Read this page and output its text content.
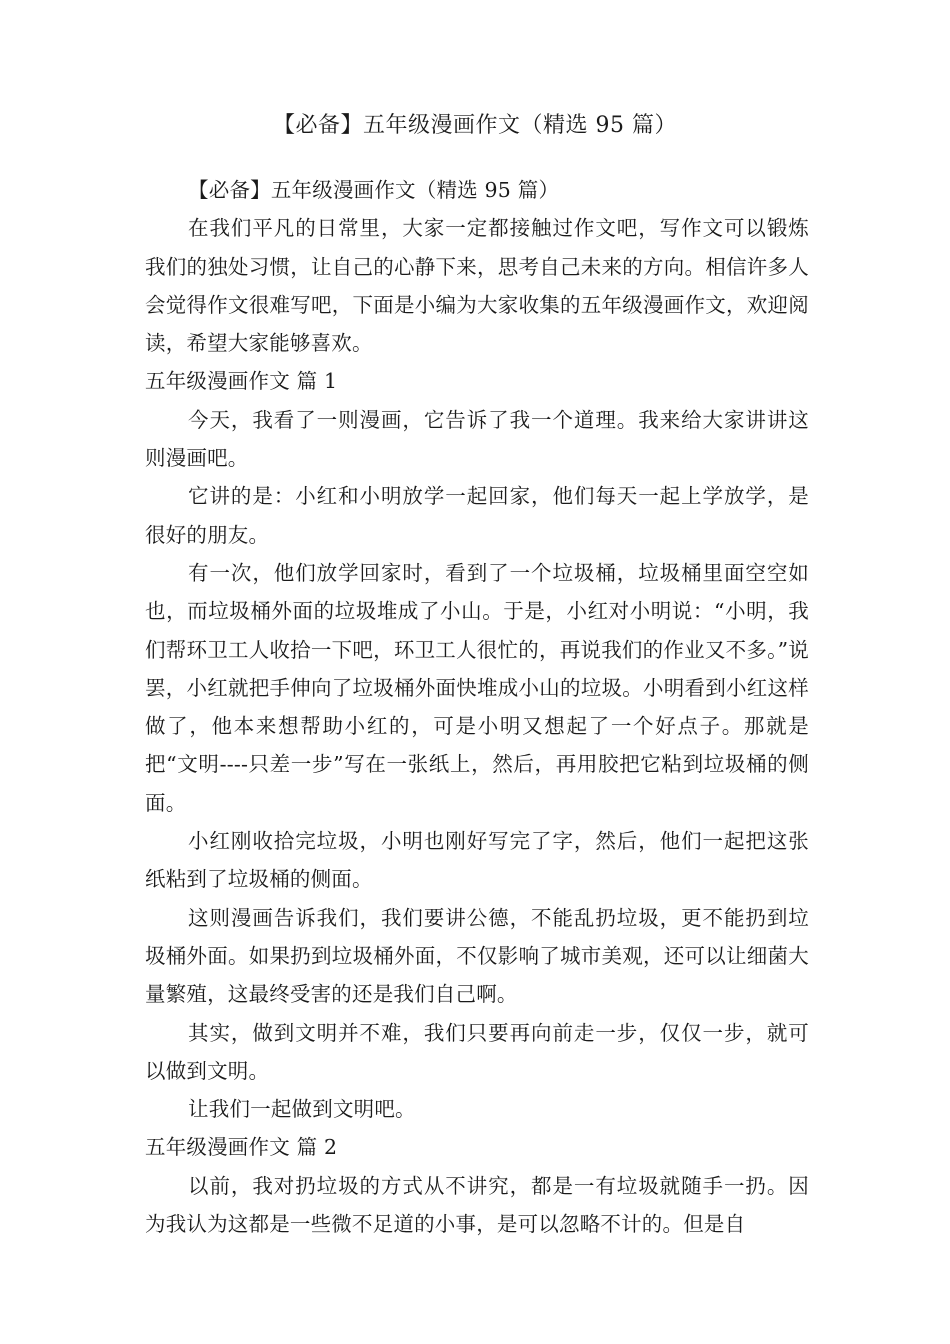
【必备】五年级漫画作文（精选 95 篇）

【必备】五年级漫画作文（精选 95 篇）

在我们平凡的日常里，大家一定都接触过作文吧，写作文可以锻炼我们的独处习惯，让自己的心静下来，思考自己未来的方向。相信许多人会觉得作文很难写吧，下面是小编为大家收集的五年级漫画作文，欢迎阅读，希望大家能够喜欢。

五年级漫画作文 篇 1

今天，我看了一则漫画，它告诉了我一个道理。我来给大家讲讲这则漫画吧。

它讲的是：小红和小明放学一起回家，他们每天一起上学放学，是很好的朋友。

有一次，他们放学回家时，看到了一个垃圾桶，垃圾桶里面空空如也，而垃圾桶外面的垃圾堆成了小山。于是，小红对小明说：“小明，我们帮环卫工人收拾一下吧，环卫工人很忙的，再说我们的作业又不多。”说罢，小红就把手伸向了垃圾桶外面快堆成小山的垃圾。小明看到小红这样做了，他本来想帮助小红的，可是小明又想起了一个好点子。那就是把“文明----只差一步”写在一张纸上，然后，再用胶把它粘到垃圾桶的侧面。

小红刚收拾完垃圾，小明也刚好写完了字，然后，他们一起把这张纸粘到了垃圾桶的侧面。

这则漫画告诉我们，我们要讲公德，不能乱扔垃圾，更不能扔到垃圾桶外面。如果扔到垃圾桶外面，不仅影响了城市美观，还可以让细菌大量繁殖，这最终受害的还是我们自己啊。

其实，做到文明并不难，我们只要再向前走一步，仅仅一步，就可以做到文明。

让我们一起做到文明吧。

五年级漫画作文 篇 2

以前，我对扔垃圾的方式从不讲究，都是一有垃圾就随手一扔。因为我认为这都是一些微不足道的小事，是可以忽略不计的。但是自
